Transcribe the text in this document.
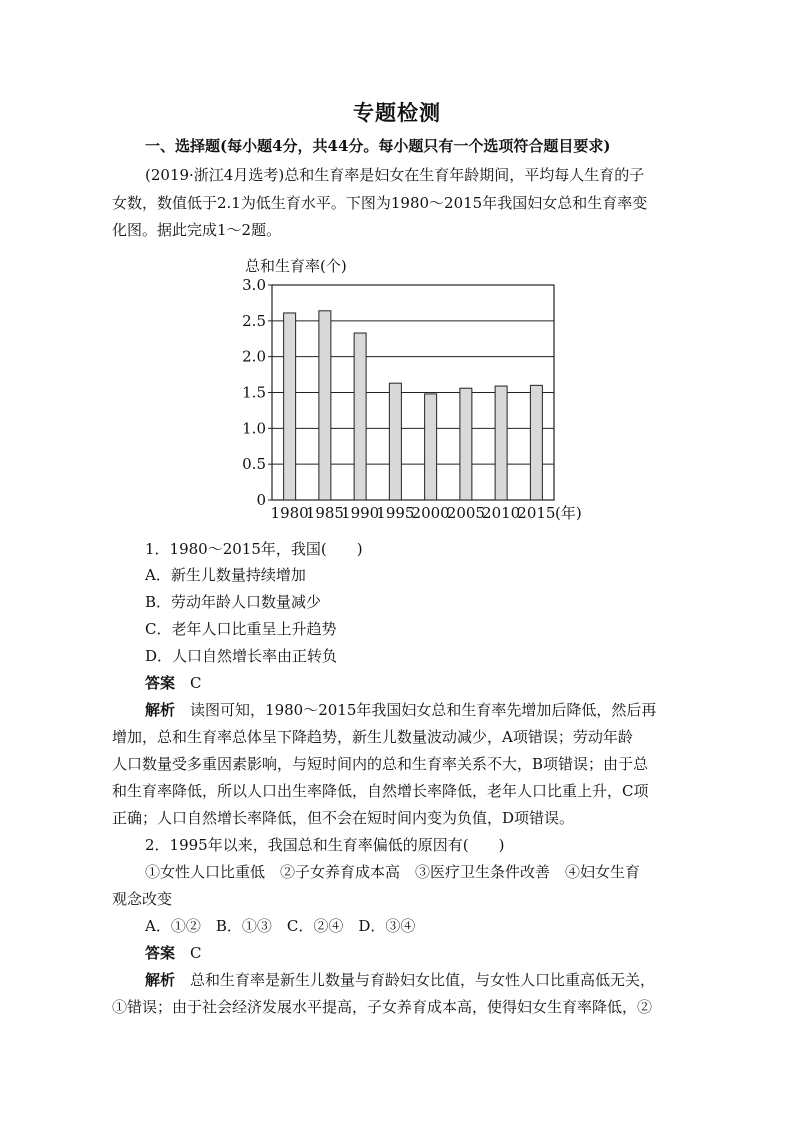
专题检测
一、选择题(每小题4分，共44分。每小题只有一个选项符合题目要求)
(2019·浙江4月选考)总和生育率是妇女在生育年龄期间，平均每人生育的子
女数，数值低于2.1为低生育水平。下图为1980～2015年我国妇女总和生育率变
化图。据此完成1～2题。
总和生育率(个)
0
0.5
1.0
1.5
2.0
2.5
3.0
1980
1985
1990
1995
2000
2005
2010
2015 (年)
1．1980～2015年，我国(　　)
A．新生儿数量持续增加
B．劳动年龄人口数量减少
C．老年人口比重呈上升趋势
D．人口自然增长率由正转负
答案　 C
解析　 读图可知，1980～2015年我国妇女总和生育率先增加后降低，然后再
增加，总和生育率总体呈下降趋势，新生儿数量波动减少，A项错误；劳动年龄
人口数量受多重因素影响，与短时间内的总和生育率关系不大，B项错误；由于总
和生育率降低，所以人口出生率降低，自然增长率降低，老年人口比重上升，C项
正确；人口自然增长率降低，但不会在短时间内变为负值，D项错误。
2．1995年以来，我国总和生育率偏低的原因有(　　)
①女性人口比重低　②子女养育成本高　③医疗卫生条件改善　④妇女生育
观念改变
A．①②　B．①③　C．②④　D．③④
答案　 C
解析　 总和生育率是新生儿数量与育龄妇女比值，与女性人口比重高低无关，
①错误；由于社会经济发展水平提高，子女养育成本高，使得妇女生育率降低，②
